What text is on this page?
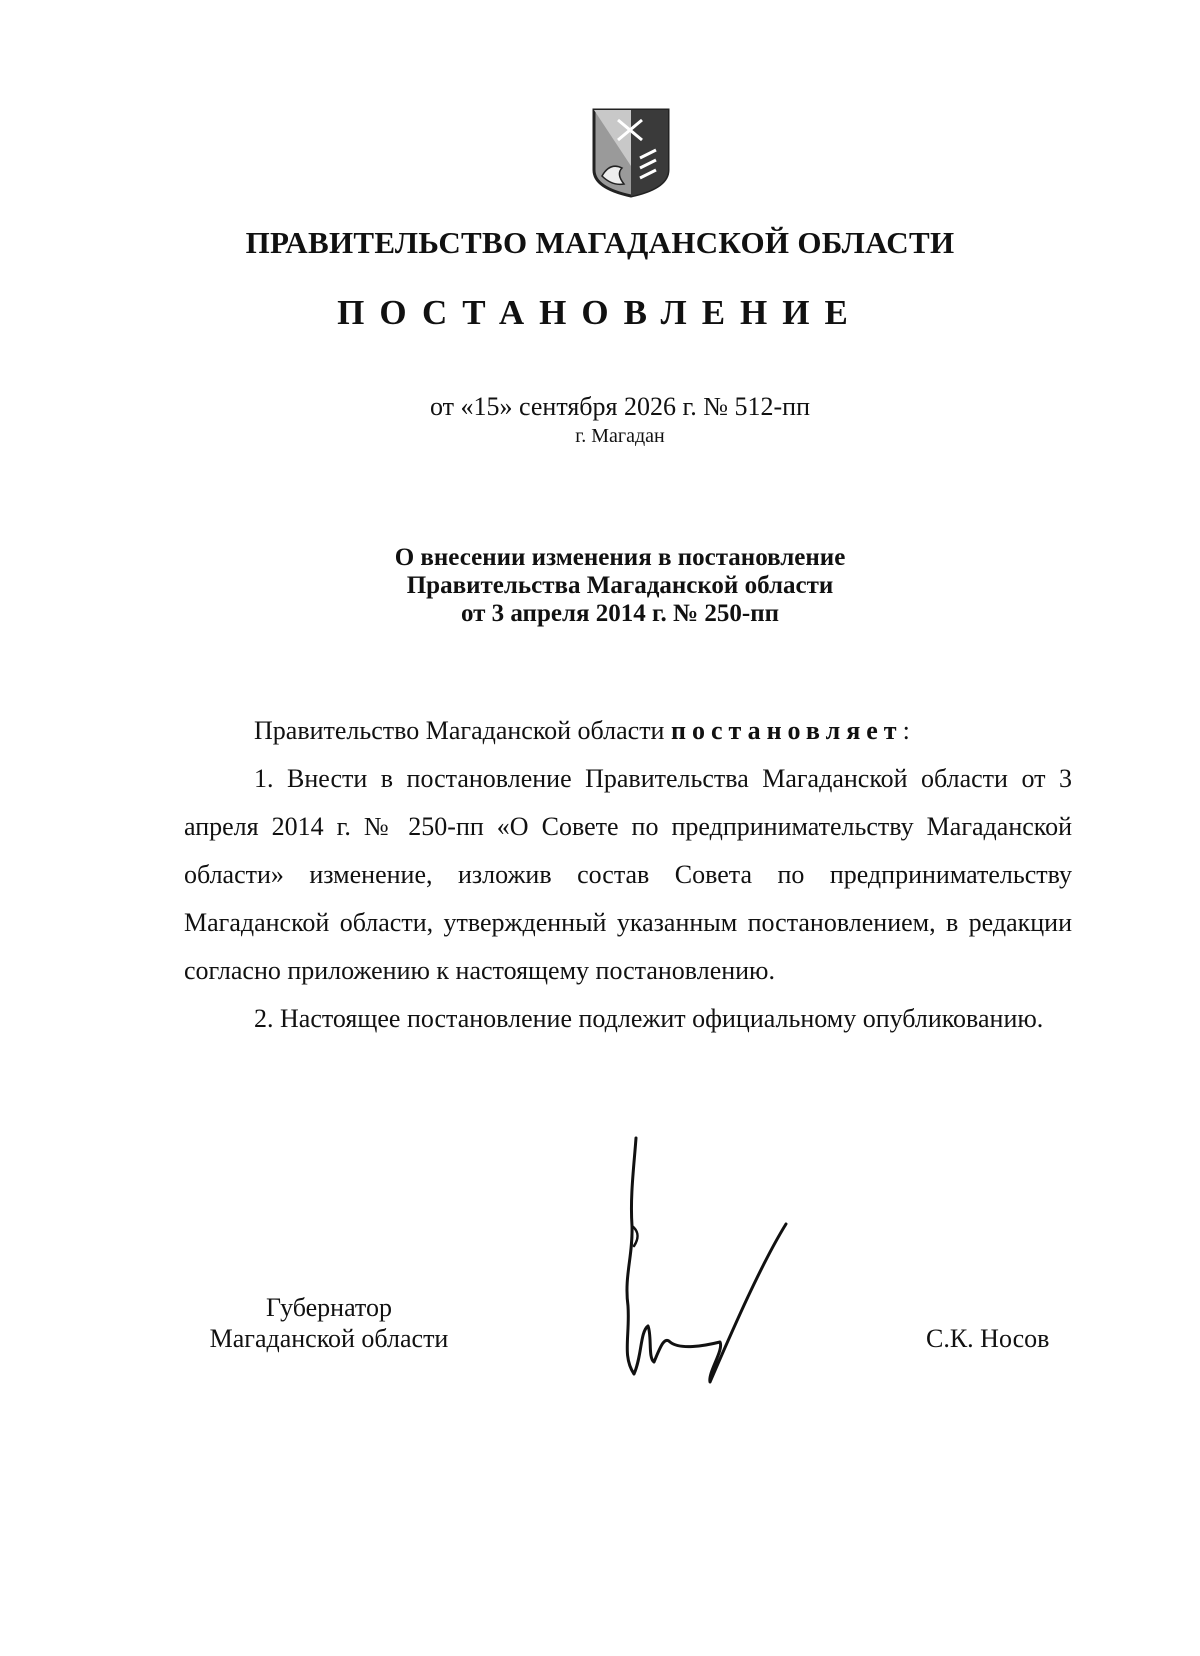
ПРАВИТЕЛЬСТВО МАГАДАНСКОЙ ОБЛАСТИ
ПОСТАНОВЛЕНИЕ
от «15» сентября 2026 г. № 512-пп
г. Магадан
О внесении изменения в постановление
Правительства Магаданской области
от 3 апреля 2014 г. № 250-пп

Правительство Магаданской области постановляет:

1. Внести в постановление Правительства Магаданской области от 3 апреля 2014 г. № 250-пп «О Совете по предпринимательству Магаданской области» изменение, изложив состав Совета по предпринимательству Магаданской области, утвержденный указанным постановлением, в редакции согласно приложению к настоящему постановлению.

2. Настоящее постановление подлежит официальному опубликованию.

Губернатор
Магаданской области	С.К. Носов
